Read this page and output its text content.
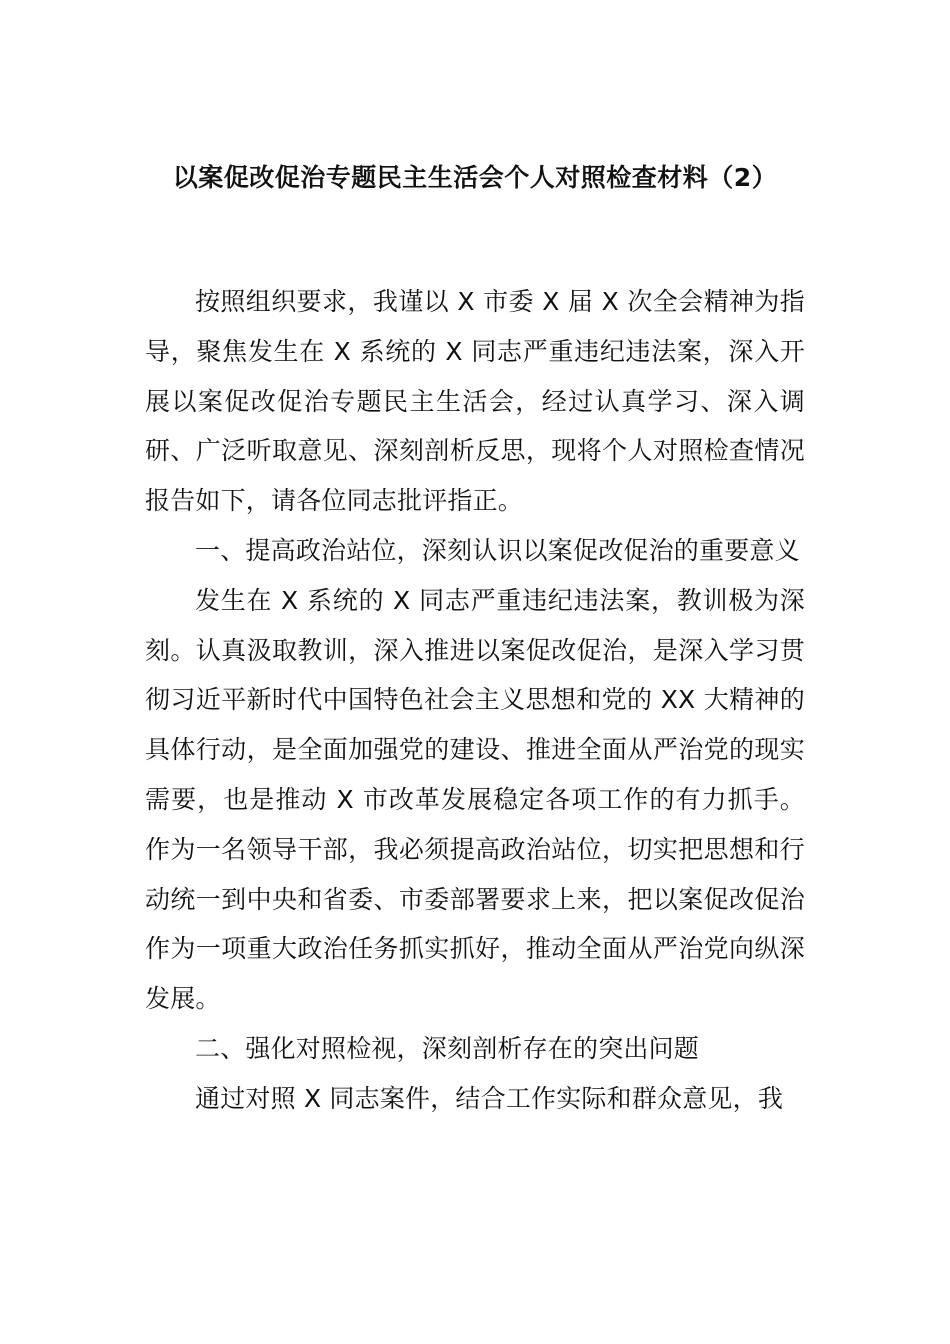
以案促改促治专题民主生活会个人对照检查材料（2）

按照组织要求，我谨以 X 市委 X 届 X 次全会精神为指导，聚焦发生在 X 系统的 X 同志严重违纪违法案，深入开展以案促改促治专题民主生活会，经过认真学习、深入调研、广泛听取意见、深刻剖析反思，现将个人对照检查情况报告如下，请各位同志批评指正。

一、提高政治站位，深刻认识以案促改促治的重要意义

发生在 X 系统的 X 同志严重违纪违法案，教训极为深刻。认真汲取教训，深入推进以案促改促治，是深入学习贯彻习近平新时代中国特色社会主义思想和党的 XX 大精神的具体行动，是全面加强党的建设、推进全面从严治党的现实需要，也是推动 X 市改革发展稳定各项工作的有力抓手。作为一名领导干部，我必须提高政治站位，切实把思想和行动统一到中央和省委、市委部署要求上来，把以案促改促治作为一项重大政治任务抓实抓好，推动全面从严治党向纵深发展。

二、强化对照检视，深刻剖析存在的突出问题

通过对照 X 同志案件，结合工作实际和群众意见，我
